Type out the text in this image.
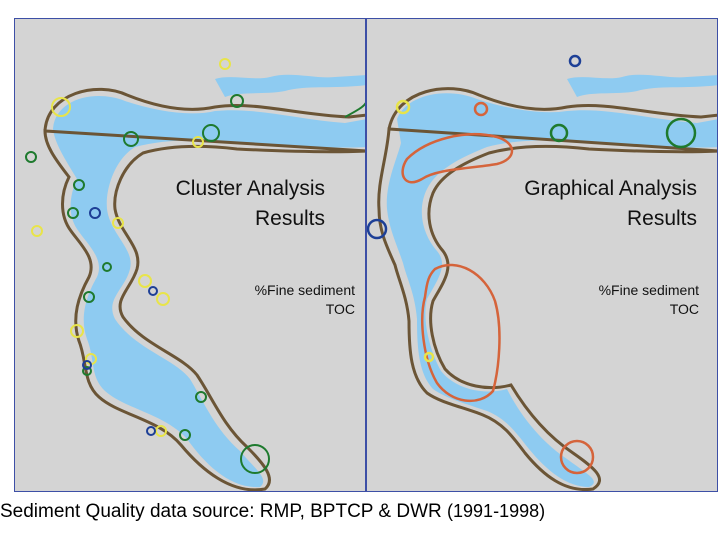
Cluster Analysis
Results
%Fine sediment
TOC
Graphical Analysis
Results
%Fine sediment
TOC
Sediment Quality data source: RMP, BPTCP & DWR (1991-1998)
